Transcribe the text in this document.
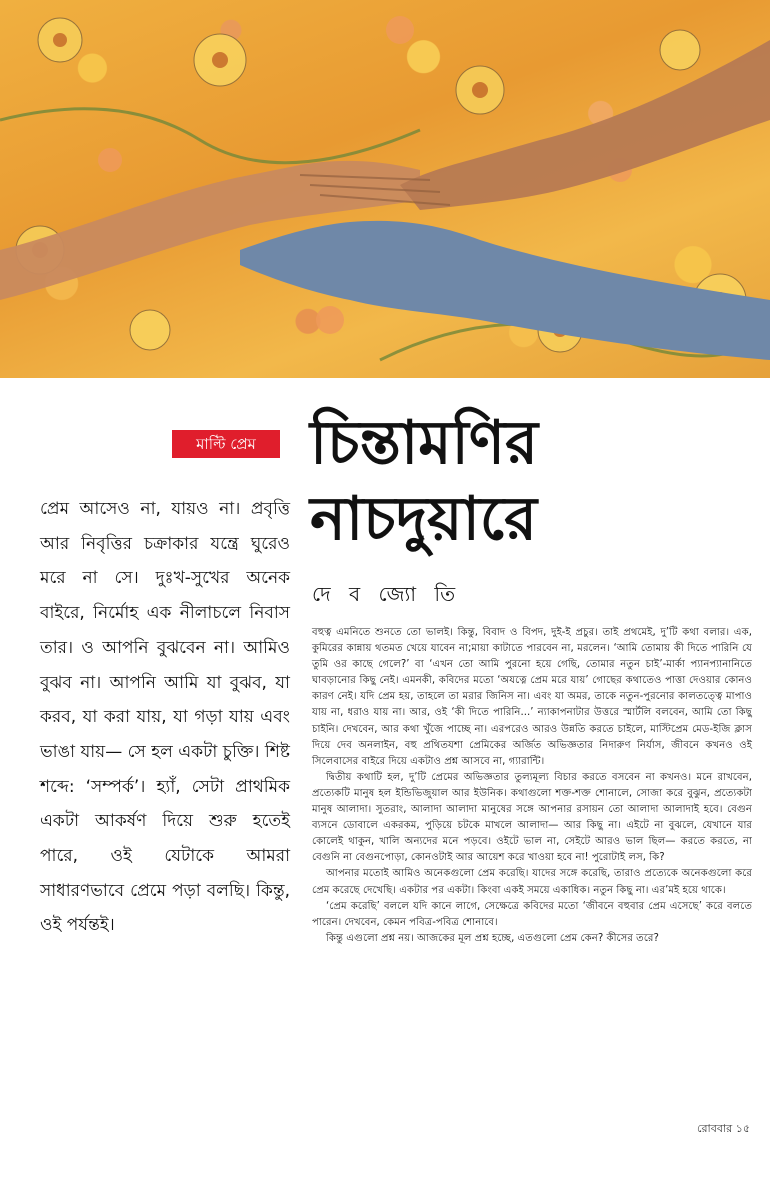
মাল্টি প্রেম চিন্তামণির নাচদুয়ারে
দে ব জ্যো তি

প্রেম আসেও না, যায়ও না। প্রবৃত্তি আর নিবৃত্তির চক্রাকার যন্ত্রে ঘুরেও মরে না সে। দুঃখ-সুখের অনেক বাইরে, নির্মোহ এক নীলাচলে নিবাস তার। ও আপনি বুঝবেন না। আমিও বুঝব না। আপনি আমি যা বুঝব, যা করব, যা করা যায়, যা গড়া যায় এবং ভাঙা যায়— সে হল একটা চুক্তি। শিষ্ট শব্দে: ‘সম্পর্ক’। হ্যাঁ, সেটা প্রাথমিক একটা আকর্ষণ দিয়ে শুরু হতেই পারে, ওই যেটাকে আমরা সাধারণভাবে প্রেমে পড়া বলছি। কিন্তু, ওই পর্যন্তই।

বহুত্ব এমনিতে শুনতে তো ভালই। কিন্তু, বিবাদ ও বিপদ, দুই-ই প্রচুর। তাই প্রথমেই, দু’টি কথা বলার। এক, কুমিরের কান্নায় থতমত খেয়ে যাবেন না;মায়া কাটাতে পারবেন না, মরলেন। ‘আমি তোমায় কী দিতে পারিনি যে তুমি ওর কাছে গেলে?’ বা ‘এখন তো আমি পুরনো হয়ে গেছি, তোমার নতুন চাই’-মার্কা প্যানপ্যানানিতে ঘাবড়ানোর কিছু নেই। এমনকী, কবিদের মতো ‘অযত্নে প্রেম মরে যায়’ গোছের কথাতেও পাত্তা দেওয়ার কোনও কারণ নেই। যদি প্রেম হয়, তাহলে তা মরার জিনিস না। এবং যা অমর, তাকে নতুন-পুরনোর কালতত্ত্বে মাপাও যায় না, ধরাও যায় না। আর, ওই ‘কী দিতে পারিনি...’ ন্যাকাপনাটার উত্তরে স্মার্টলি বলবেন, আমি তো কিছু চাইনি। দেখবেন, আর কথা খুঁজে পাচ্ছে না। এরপরেও আরও উন্নতি করতে চাইলে, মাস্টিপ্রেম মেড-ইজি ক্লাস দিয়ে দেব অনলাইন, বহু প্রথিতযশা প্রেমিকের অর্জিত অভিজ্ঞতার নিদারুণ নির্যাস, জীবনে কখনও ওই সিলেবাসের বাইরে দিয়ে একটাও প্রশ্ন আসবে না, গ্যারান্টি।

দ্বিতীয় কথাটি হল, দু’টি প্রেমের অভিজ্ঞতার তুল্যমূল্য বিচার করতে বসবেন না কখনও। মনে রাখবেন, প্রত্যেকটি মানুষ হল ইন্ডিভিজুয়াল আর ইউনিক। কথাগুলো শক্ত-শক্ত শোনালে, সোজা করে বুঝুন, প্রত্যেকটা মানুষ আলাদা। সুতরাং, আলাদা আলাদা মানুষের সঙ্গে আপনার রসায়ন তো আলাদা আলাদাই হবে। বেগুন ব্যসনে ডোবালে একরকম, পুড়িয়ে চটকে মাখলে আলাদা— আর কিছু না। এইটে না বুঝলে, যেখানে যার কোলেই থাকুন, খালি অন্যদের মনে পড়বে। ওইটে ভাল না, সেইটে আরও ভাল ছিল— করতে করতে, না বেগুনি না বেগুনপোড়া, কোনওটাই আর আয়েশ করে খাওয়া হবে না! পুরোটাই লস, কি?

আপনার মতোই আমিও অনেকগুলো প্রেম করেছি। যাদের সঙ্গে করেছি, তারাও প্রত্যেকে অনেকগুলো করে প্রেম করেছে দেখেছি। একটার পর একটা। কিংবা একই সময়ে একাধিক। নতুন কিছু না। এর’মই হয়ে থাকে।

‘প্রেম করেছি’ বললে যদি কানে লাগে, সেক্ষেত্রে কবিদের মতো ‘জীবনে বহুবার প্রেম এসেছে’ করে বলতে পারেন। দেখবেন, কেমন পবিত্র-পবিত্র শোনাবে।

কিন্তু এগুলো প্রশ্ন নয়। আজকের মূল প্রশ্ন হচ্ছে, এতগুলো প্রেম কেন? কীসের তরে?

রোববার ১৫
